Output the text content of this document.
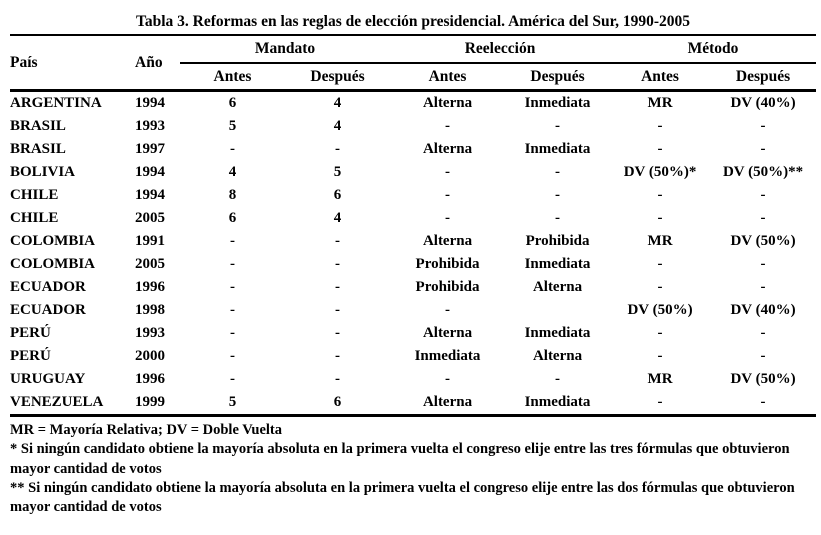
Tabla 3. Reformas en las reglas de elección presidencial. América del Sur, 1990-2005
País	Año	Mandato		Reelección		Método	
		Antes	Después	Antes	Después	Antes	Después
ARGENTINA	1994	6	4	Alterna	Inmediata	MR	DV (40%)
BRASIL	1993	5	4	-	-	-	-
BRASIL	1997	-	-	Alterna	Inmediata	-	-
BOLIVIA	1994	4	5	-	-	DV (50%)*	DV (50%)**
CHILE	1994	8	6	-	-	-	-
CHILE	2005	6	4	-	-	-	-
COLOMBIA	1991	-	-	Alterna	Prohibida	MR	DV (50%)
COLOMBIA	2005	-	-	Prohibida	Inmediata	-	-
ECUADOR	1996	-	-	Prohibida	Alterna	-	-
ECUADOR	1998	-	-	-		DV (50%)	DV (40%)
PERÚ	1993	-	-	Alterna	Inmediata	-	-
PERÚ	2000	-	-	Inmediata	Alterna	-	-
URUGUAY	1996	-	-	-	-	MR	DV (50%)
VENEZUELA	1999	5	6	Alterna	Inmediata	-	-
MR = Mayoría Relativa; DV = Doble Vuelta
* Si ningún candidato obtiene la mayoría absoluta en la primera vuelta el congreso elije entre las tres fórmulas que obtuvieron mayor cantidad de votos
** Si ningún candidato obtiene la mayoría absoluta en la primera vuelta el congreso elije entre las dos fórmulas que obtuvieron mayor cantidad de votos
